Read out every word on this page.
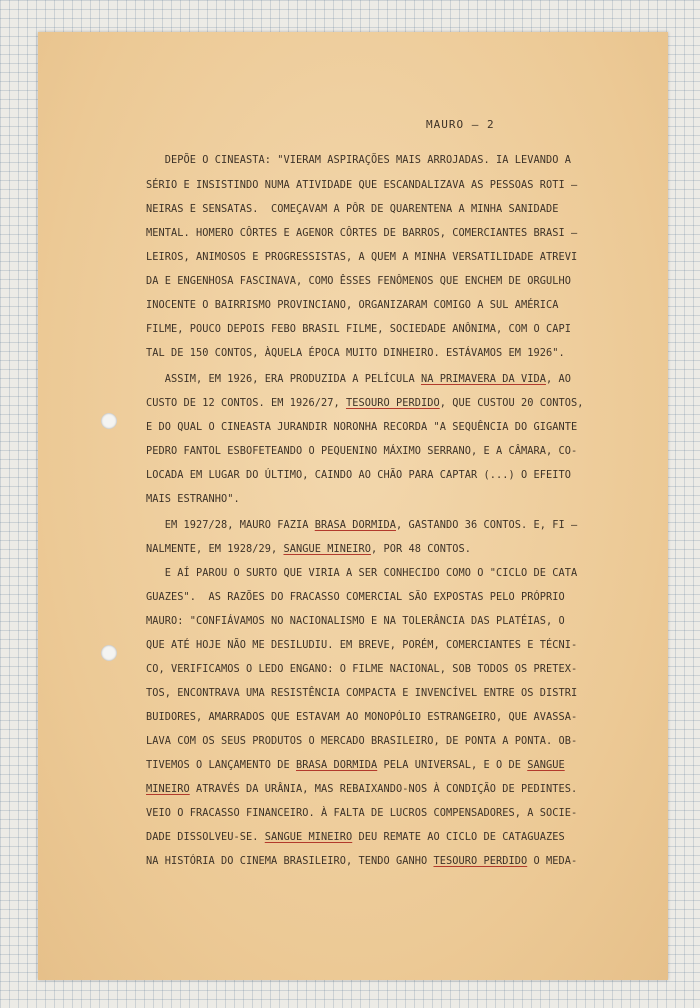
DEPÕE O CINEASTA: "VIERAM ASPIRAÇÕES MAIS ARROJADAS. IA LEVANDO A
SÉRIO E INSISTINDO NUMA ATIVIDADE QUE ESCANDALIZAVA AS PESSOAS ROTI –
NEIRAS E SENSATAS.  COMEÇAVAM A PÔR DE QUARENTENA A MINHA SANIDADE
MENTAL. HOMERO CÔRTES E AGENOR CÔRTES DE BARROS, COMERCIANTES BRASI –
LEIROS, ANIMOSOS E PROGRESSISTAS, A QUEM A MINHA VERSATILIDADE ATREVI
DA E ENGENHOSA FASCINAVA, COMO ÊSSES FENÔMENOS QUE ENCHEM DE ORGULHO
INOCENTE O BAIRRISMO PROVINCIANO, ORGANIZARAM COMIGO A SUL AMÉRICA
FILME, POUCO DEPOIS FEBO BRASIL FILME, SOCIEDADE ANÔNIMA, COM O CAPI
TAL DE 150 CONTOS, ÀQUELA ÉPOCA MUITO DINHEIRO. ESTÁVAMOS EM 1926".
ASSIM, EM 1926, ERA PRODUZIDA A PELÍCULA NA PRIMAVERA DA VIDA, AO
CUSTO DE 12 CONTOS. EM 1926/27, TESOURO PERDIDO, QUE CUSTOU 20 CONTOS,
E DO QUAL O CINEASTA JURANDIR NORONHA RECORDA "A SEQUÊNCIA DO GIGANTE
PEDRO FANTOL ESBOFETEANDO O PEQUENINO MÁXIMO SERRANO, E A CÂMARA, CO-
LOCADA EM LUGAR DO ÚLTIMO, CAINDO AO CHÃO PARA CAPTAR (...) O EFEITO
MAIS ESTRANHO".
EM 1927/28, MAURO FAZIA BRASA DORMIDA, GASTANDO 36 CONTOS. E, FI –
NALMENTE, EM 1928/29, SANGUE MINEIRO, POR 48 CONTOS.
E AÍ PAROU O SURTO QUE VIRIA A SER CONHECIDO COMO O "CICLO DE CATA
GUAZES".  AS RAZÕES DO FRACASSO COMERCIAL SÃO EXPOSTAS PELO PRÓPRIO
MAURO: "CONFIÁVAMOS NO NACIONALISMO E NA TOLERÂNCIA DAS PLATÉIAS, O
QUE ATÉ HOJE NÃO ME DESILUDIU. EM BREVE, PORÉM, COMERCIANTES E TÉCNI-
CO, VERIFICAMOS O LEDO ENGANO: O FILME NACIONAL, SOB TODOS OS PRETEX-
TOS, ENCONTRAVA UMA RESISTÊNCIA COMPACTA E INVENCÍVEL ENTRE OS DISTRI
BUIDORES, AMARRADOS QUE ESTAVAM AO MONOPÓLIO ESTRANGEIRO, QUE AVASSA-
LAVA COM OS SEUS PRODUTOS O MERCADO BRASILEIRO, DE PONTA A PONTA. OB-
TIVEMOS O LANÇAMENTO DE BRASA DORMIDA PELA UNIVERSAL, E O DE SANGUE
MINEIRO ATRAVÉS DA URÂNIA, MAS REBAIXANDO-NOS À CONDIÇÃO DE PEDINTES.
VEIO O FRACASSO FINANCEIRO. À FALTA DE LUCROS COMPENSADORES, A SOCIE-
DADE DISSOLVEU-SE. SANGUE MINEIRO DEU REMATE AO CICLO DE CATAGUAZES
NA HISTÓRIA DO CINEMA BRASILEIRO, TENDO GANHO TESOURO PERDIDO O MEDA-
MAURO – 2
